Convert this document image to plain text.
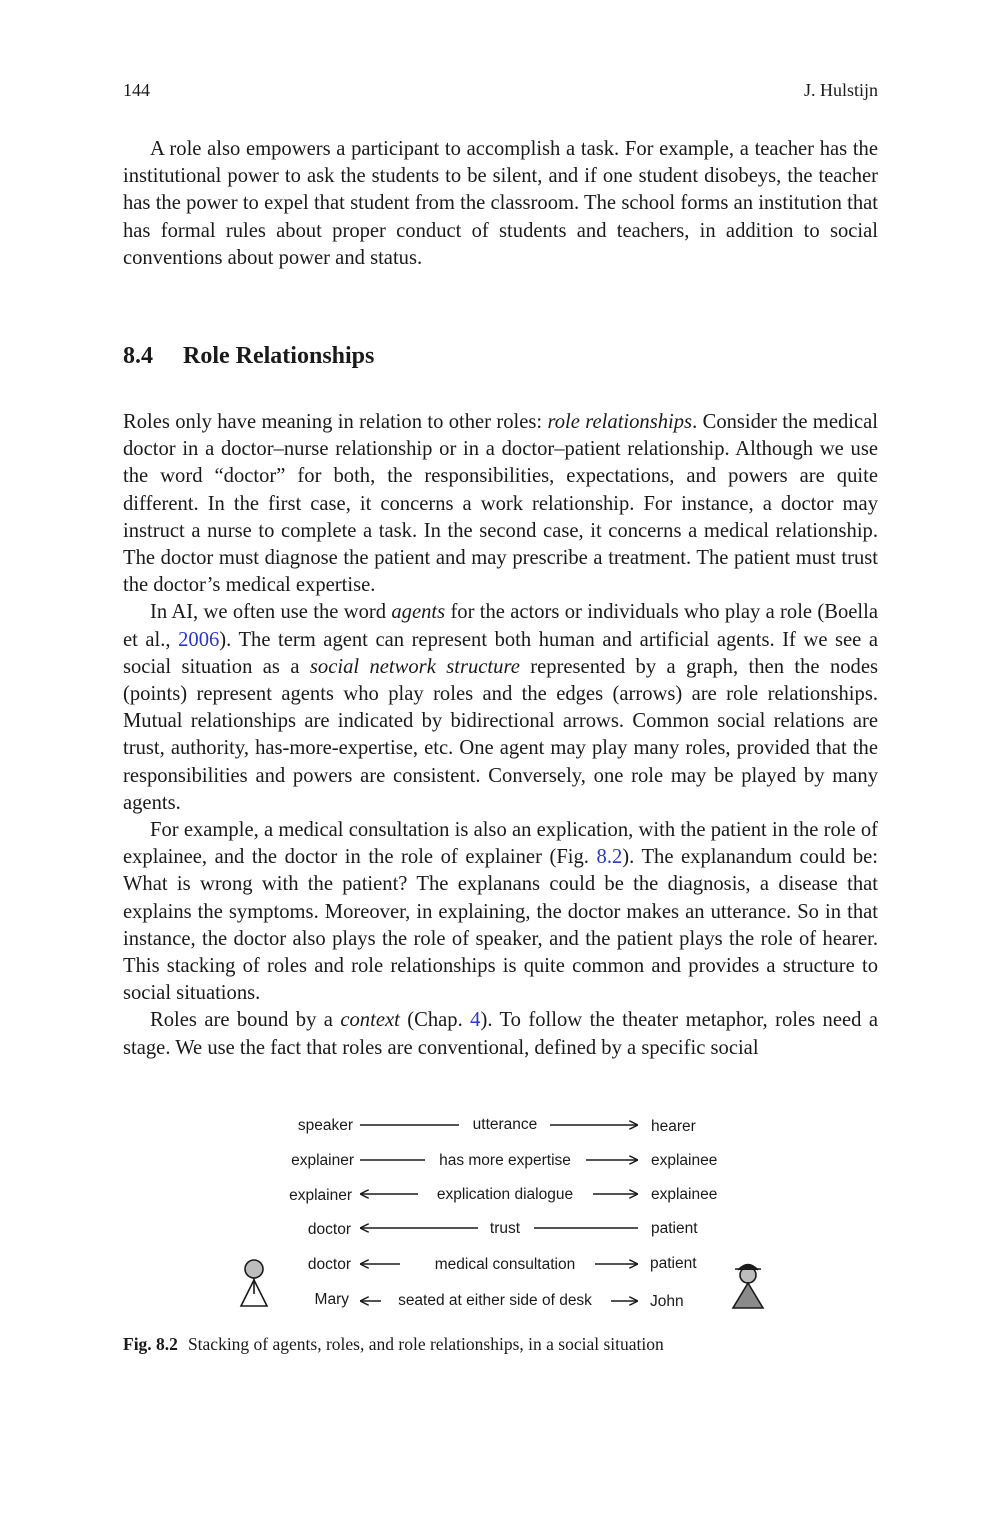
144	J. Hulstijn

A role also empowers a participant to accomplish a task. For example, a teacher has the institutional power to ask the students to be silent, and if one student disobeys, the teacher has the power to expel that student from the classroom. The school forms an institution that has formal rules about proper conduct of students and teachers, in addition to social conventions about power and status.

8.4 Role Relationships

Roles only have meaning in relation to other roles: role relationships. Consider the medical doctor in a doctor–nurse relationship or in a doctor–patient relationship. Although we use the word “doctor” for both, the responsibilities, expectations, and powers are quite different. In the first case, it concerns a work relationship. For instance, a doctor may instruct a nurse to complete a task. In the second case, it concerns a medical relationship. The doctor must diagnose the patient and may prescribe a treatment. The patient must trust the doctor’s medical expertise.

In AI, we often use the word agents for the actors or individuals who play a role (Boella et al., 2006). The term agent can represent both human and artificial agents. If we see a social situation as a social network structure represented by a graph, then the nodes (points) represent agents who play roles and the edges (arrows) are role relationships. Mutual relationships are indicated by bidirectional arrows. Common social relations are trust, authority, has-more-expertise, etc. One agent may play many roles, provided that the responsibilities and powers are consistent. Conversely, one role may be played by many agents.

For example, a medical consultation is also an explication, with the patient in the role of explainee, and the doctor in the role of explainer (Fig. 8.2). The explanandum could be: What is wrong with the patient? The explanans could be the diagnosis, a disease that explains the symptoms. Moreover, in explaining, the doctor makes an utterance. So in that instance, the doctor also plays the role of speaker, and the patient plays the role of hearer. This stacking of roles and role relationships is quite common and provides a structure to social situations.

Roles are bound by a context (Chap. 4). To follow the theater metaphor, roles need a stage. We use the fact that roles are conventional, defined by a specific social

speaker	utterance	hearer
explainer	has more expertise	explainee
explainer	explication dialogue	explainee
doctor	trust	patient
doctor	medical consultation	patient
Mary	seated at either side of desk	John
Fig. 8.2 Stacking of agents, roles, and role relationships, in a social situation
